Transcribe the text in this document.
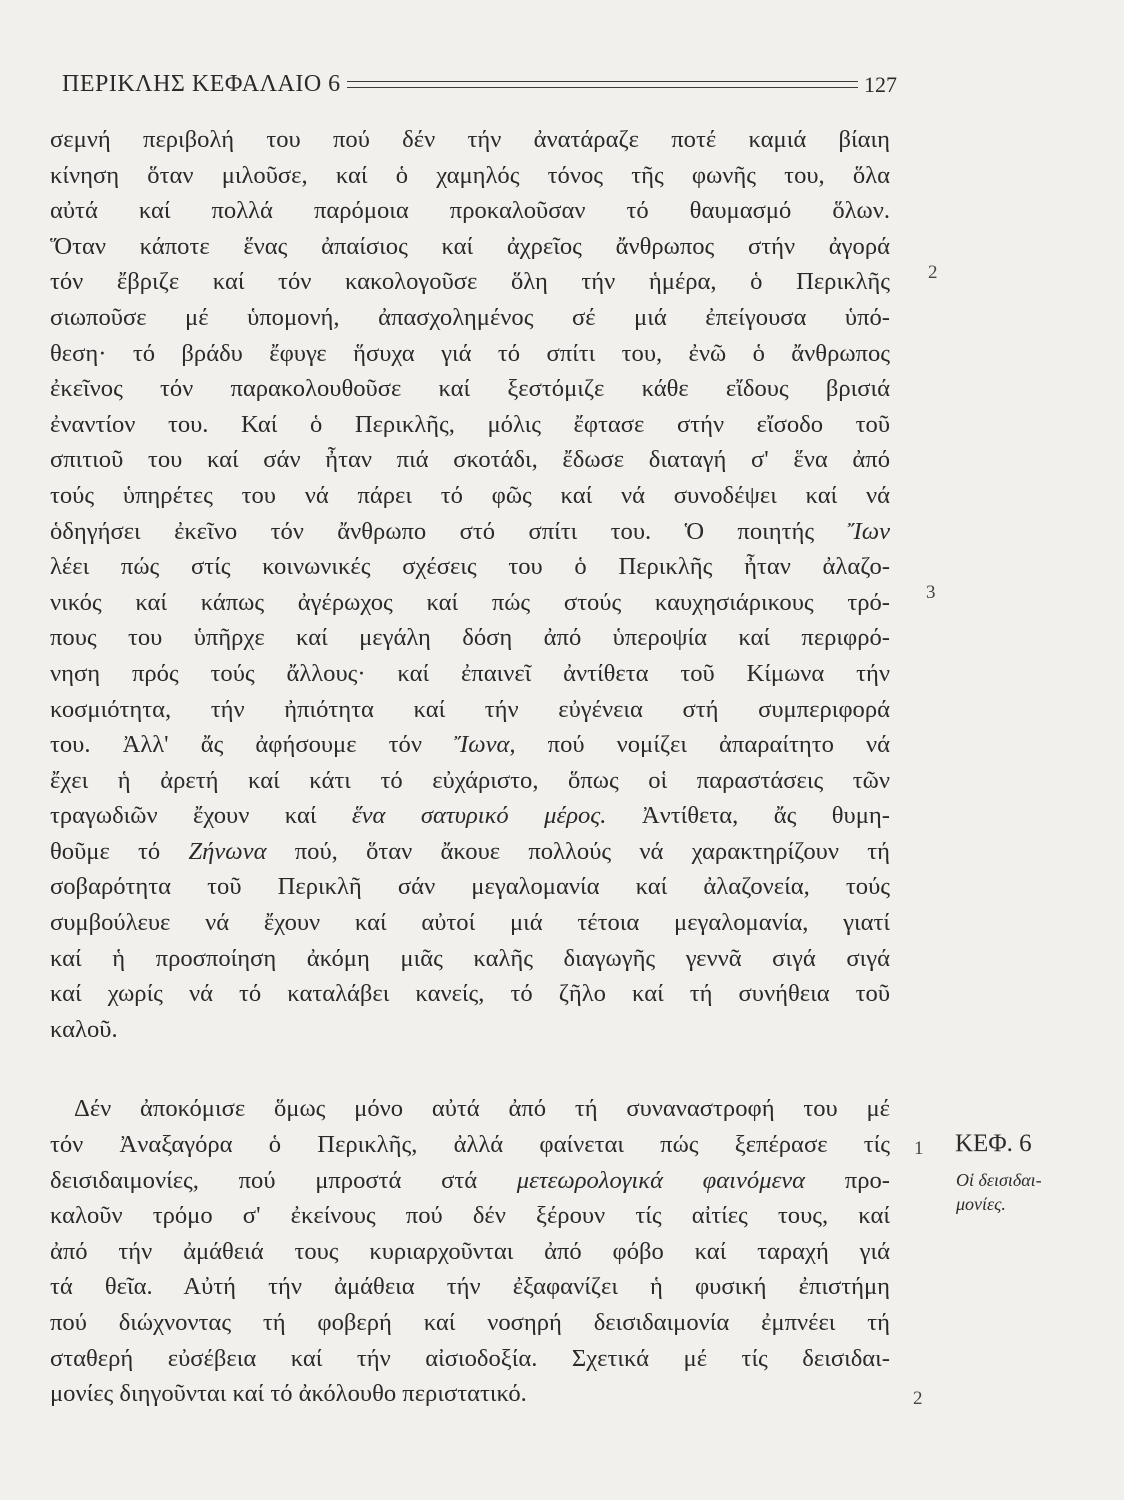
ΠΕΡΙΚΛΗΣ ΚΕΦΑΛΑΙΟ 6	127
σεμνή περιβολή του πού δέν τήν ἀνατάραζε ποτέ καμιά βίαιη
κίνηση ὅταν μιλοῦσε, καί ὁ χαμηλός τόνος τῆς φωνῆς του, ὅλα
αὐτά καί πολλά παρόμοια προκαλοῦσαν τό θαυμασμό ὅλων.
Ὅταν κάποτε ἕνας ἀπαίσιος καί ἀχρεῖος ἄνθρωπος στήν ἀγορά
τόν ἔβριζε καί τόν κακολογοῦσε ὅλη τήν ἡμέρα, ὁ Περικλῆς
σιωποῦσε μέ ὑπομονή, ἀπασχολημένος σέ μιά ἐπείγουσα ὑπό-
θεση· τό βράδυ ἔφυγε ἥσυχα γιά τό σπίτι του, ἐνῶ ὁ ἄνθρωπος
ἐκεῖνος τόν παρακολουθοῦσε καί ξεστόμιζε κάθε εἴδους βρισιά
ἐναντίον του. Καί ὁ Περικλῆς, μόλις ἔφτασε στήν εἴσοδο τοῦ
σπιτιοῦ του καί σάν ἦταν πιά σκοτάδι, ἔδωσε διαταγή σ' ἕνα ἀπό
τούς ὑπηρέτες του νά πάρει τό φῶς καί νά συνοδέψει καί νά
ὁδηγήσει ἐκεῖνο τόν ἄνθρωπο στό σπίτι του. Ὁ ποιητής Ἴων
λέει πώς στίς κοινωνικές σχέσεις του ὁ Περικλῆς ἦταν ἀλαζο-
νικός καί κάπως ἀγέρωχος καί πώς στούς καυχησιάρικους τρό-
πους του ὑπῆρχε καί μεγάλη δόση ἀπό ὑπεροψία καί περιφρό-
νηση πρός τούς ἄλλους· καί ἐπαινεῖ ἀντίθετα τοῦ Κίμωνα τήν
κοσμιότητα, τήν ἠπιότητα καί τήν εὐγένεια στή συμπεριφορά
του. Ἀλλ' ἄς ἀφήσουμε τόν Ἴωνα, πού νομίζει ἀπαραίτητο νά
ἔχει ἡ ἀρετή καί κάτι τό εὐχάριστο, ὅπως οἱ παραστάσεις τῶν
τραγωδιῶν ἔχουν καί ἕνα σατυρικό μέρος. Ἀντίθετα, ἄς θυμη-
θοῦμε τό Ζήνωνα πού, ὅταν ἄκουε πολλούς νά χαρακτηρίζουν τή
σοβαρότητα τοῦ Περικλῆ σάν μεγαλομανία καί ἀλαζονεία, τούς
συμβούλευε νά ἔχουν καί αὐτοί μιά τέτοια μεγαλομανία, γιατί
καί ἡ προσποίηση ἀκόμη μιᾶς καλῆς διαγωγῆς γεννᾶ σιγά σιγά
καί χωρίς νά τό καταλάβει κανείς, τό ζῆλο καί τή συνήθεια τοῦ
καλοῦ.
Δέν ἀποκόμισε ὅμως μόνο αὐτά ἀπό τή συναναστροφή του μέ
τόν Ἀναξαγόρα ὁ Περικλῆς, ἀλλά φαίνεται πώς ξεπέρασε τίς
δεισιδαιμονίες, πού μπροστά στά μετεωρολογικά φαινόμενα προ-
καλοῦν τρόμο σ' ἐκείνους πού δέν ξέρουν τίς αἰτίες τους, καί
ἀπό τήν ἀμάθειά τους κυριαρχοῦνται ἀπό φόβο καί ταραχή γιά
τά θεῖα. Αὐτή τήν ἀμάθεια τήν ἐξαφανίζει ἡ φυσική ἐπιστήμη
πού διώχνοντας τή φοβερή καί νοσηρή δεισιδαιμονία ἐμπνέει τή
σταθερή εὐσέβεια καί τήν αἰσιοδοξία. Σχετικά μέ τίς δεισιδαι-
μονίες διηγοῦνται καί τό ἀκόλουθο περιστατικό.
2
3
1
2
ΚΕΦ. 6
Οἱ δεισιδαι-
μονίες.
